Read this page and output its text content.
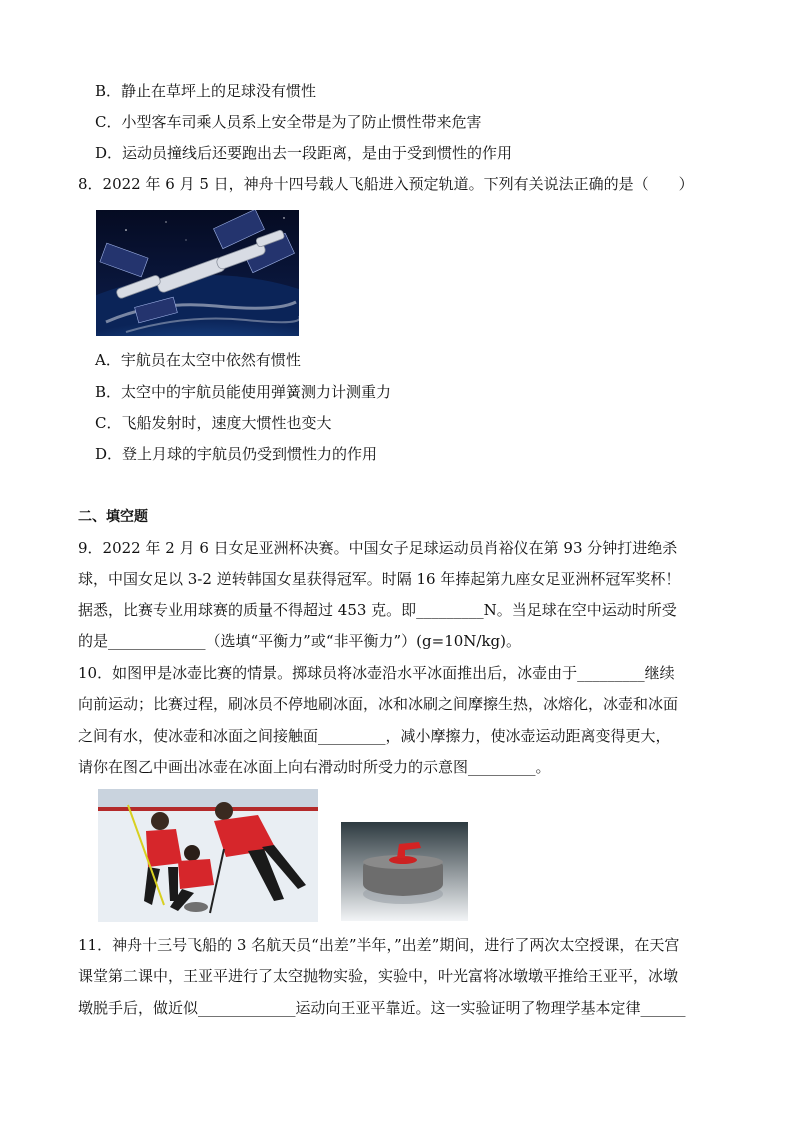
B．静止在草坪上的足球没有惯性
C．小型客车司乘人员系上安全带是为了防止惯性带来危害
D．运动员撞线后还要跑出去一段距离，是由于受到惯性的作用
8．2022 年 6 月 5 日，神舟十四号载人飞船进入预定轨道。下列有关说法正确的是（　　）
A．宇航员在太空中依然有惯性
B．太空中的宇航员能使用弹簧测力计测重力
C．飞船发射时，速度大惯性也变大
D．登上月球的宇航员仍受到惯性力的作用
二、填空题
9．2022 年 2 月 6 日女足亚洲杯决赛。中国女子足球运动员肖裕仪在第 93 分钟打进绝杀
球，中国女足以 3-2 逆转韩国女星获得冠军。时隔 16 年捧起第九座女足亚洲杯冠军奖杯！
据悉，比赛专业用球赛的质量不得超过 453 克。即_________N。当足球在空中运动时所受
的是_____________（选填“平衡力”或“非平衡力”）(g=10N/kg)。
10．如图甲是冰壶比赛的情景。掷球员将冰壶沿水平冰面推出后，冰壶由于_________继续
向前运动；比赛过程，刷冰员不停地刷冰面，冰和冰刷之间摩擦生热，冰熔化，冰壶和冰面
之间有水，使冰壶和冰面之间接触面_________，减小摩擦力，使冰壶运动距离变得更大，
请你在图乙中画出冰壶在冰面上向右滑动时所受力的示意图_________。
11．神舟十三号飞船的 3 名航天员“出差”半年，”出差”期间，进行了两次太空授课，在天宫
课堂第二课中，王亚平进行了太空抛物实验，实验中，叶光富将冰墩墩平推给王亚平，冰墩
墩脱手后，做近似_____________运动向王亚平靠近。这一实验证明了物理学基本定律______
